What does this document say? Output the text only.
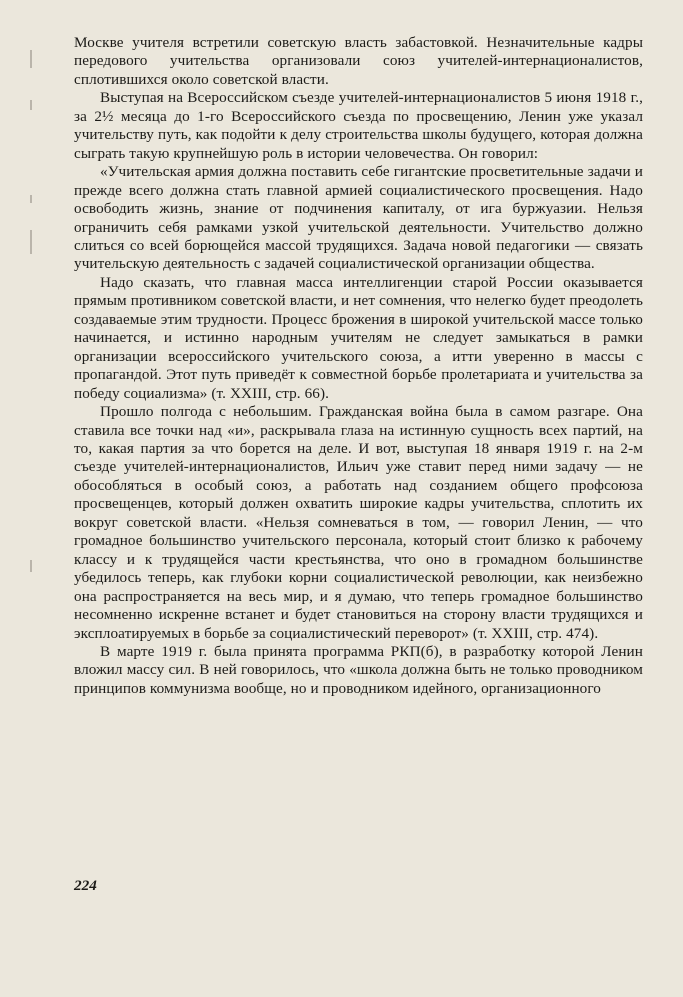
Москве учителя встретили советскую власть забастовкой. Незначительные кадры передового учительства организовали союз учителей-интернационалистов, сплотившихся около советской власти.

Выступая на Всероссийском съезде учителей-интернационалистов 5 июня 1918 г., за 2½ месяца до 1-го Всероссийского съезда по просвещению, Ленин уже указал учительству путь, как подойти к делу строительства школы будущего, которая должна сыграть такую крупнейшую роль в истории человечества. Он говорил:

«Учительская армия должна поставить себе гигантские просветительные задачи и прежде всего должна стать главной армией социалистического просвещения. Надо освободить жизнь, знание от подчинения капиталу, от ига буржуазии. Нельзя ограничить себя рамками узкой учительской деятельности. Учительство должно слиться со всей борющейся массой трудящихся. Задача новой педагогики — связать учительскую деятельность с задачей социалистической организации общества.

Надо сказать, что главная масса интеллигенции старой России оказывается прямым противником советской власти, и нет сомнения, что нелегко будет преодолеть создаваемые этим трудности. Процесс брожения в широкой учительской массе только начинается, и истинно народным учителям не следует замыкаться в рамки организации всероссийского учительского союза, а итти уверенно в массы с пропагандой. Этот путь приведёт к совместной борьбе пролетариата и учительства за победу социализма» (т. XXIII, стр. 66).

Прошло полгода с небольшим. Гражданская война была в самом разгаре. Она ставила все точки над «и», раскрывала глаза на истинную сущность всех партий, на то, какая партия за что борется на деле. И вот, выступая 18 января 1919 г. на 2-м съезде учителей-интернационалистов, Ильич уже ставит перед ними задачу — не обособляться в особый союз, а работать над созданием общего профсоюза просвещенцев, который должен охватить широкие кадры учительства, сплотить их вокруг советской власти. «Нельзя сомневаться в том, — говорил Ленин, — что громадное большинство учительского персонала, который стоит близко к рабочему классу и к трудящейся части крестьянства, что оно в громадном большинстве убедилось теперь, как глубоки корни социалистической революции, как неизбежно она распространяется на весь мир, и я думаю, что теперь громадное большинство несомненно искренне встанет и будет становиться на сторону власти трудящихся и эксплоатируемых в борьбе за социалистический переворот» (т. XXIII, стр. 474).

В марте 1919 г. была принята программа РКП(б), в разработку которой Ленин вложил массу сил. В ней говорилось, что «школа должна быть не только проводником принципов коммунизма вообще, но и проводником идейного, организационного

224
